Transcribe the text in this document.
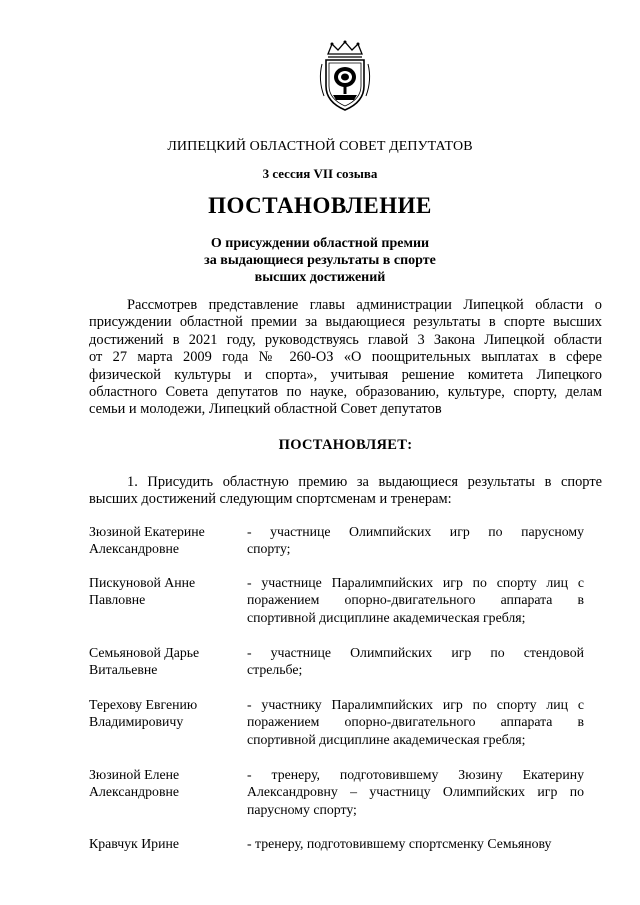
ЛИПЕЦКИЙ ОБЛАСТНОЙ СОВЕТ ДЕПУТАТОВ
3 сессия VII созыва
ПОСТАНОВЛЕНИЕ
О присуждении областной премии
за выдающиеся результаты в спорте
высших достижений
Рассмотрев представление главы администрации Липецкой области о
присуждении областной премии за выдающиеся результаты в спорте высших
достижений в 2021 году, руководствуясь главой 3 Закона Липецкой области
от 27 марта 2009 года № 260-ОЗ «О поощрительных выплатах в сфере
физической культуры и спорта», учитывая решение комитета Липецкого
областного Совета депутатов по науке, образованию, культуре, спорту, делам
семьи и молодежи, Липецкий областной Совет депутатов
ПОСТАНОВЛЯЕТ:
1. Присудить областную премию за выдающиеся результаты в спорте
высших достижений следующим спортсменам и тренерам:
Зюзиной Екатерине
Александровне
- участнице Олимпийских игр по парусному
спорту;
Пискуновой Анне
Павловне
- участнице Паралимпийских игр по спорту лиц с
поражением опорно-двигательного аппарата в
спортивной дисциплине академическая гребля;
Семьяновой Дарье
Витальевне
- участнице Олимпийских игр по стендовой
стрельбе;
Терехову Евгению
Владимировичу
- участнику Паралимпийских игр по спорту лиц с
поражением опорно-двигательного аппарата в
спортивной дисциплине академическая гребля;
Зюзиной Елене
Александровне
- тренеру, подготовившему Зюзину Екатерину
Александровну – участницу Олимпийских игр по
парусному спорту;
Кравчук Ирине	- тренеру, подготовившему спортсменку Семьянову
